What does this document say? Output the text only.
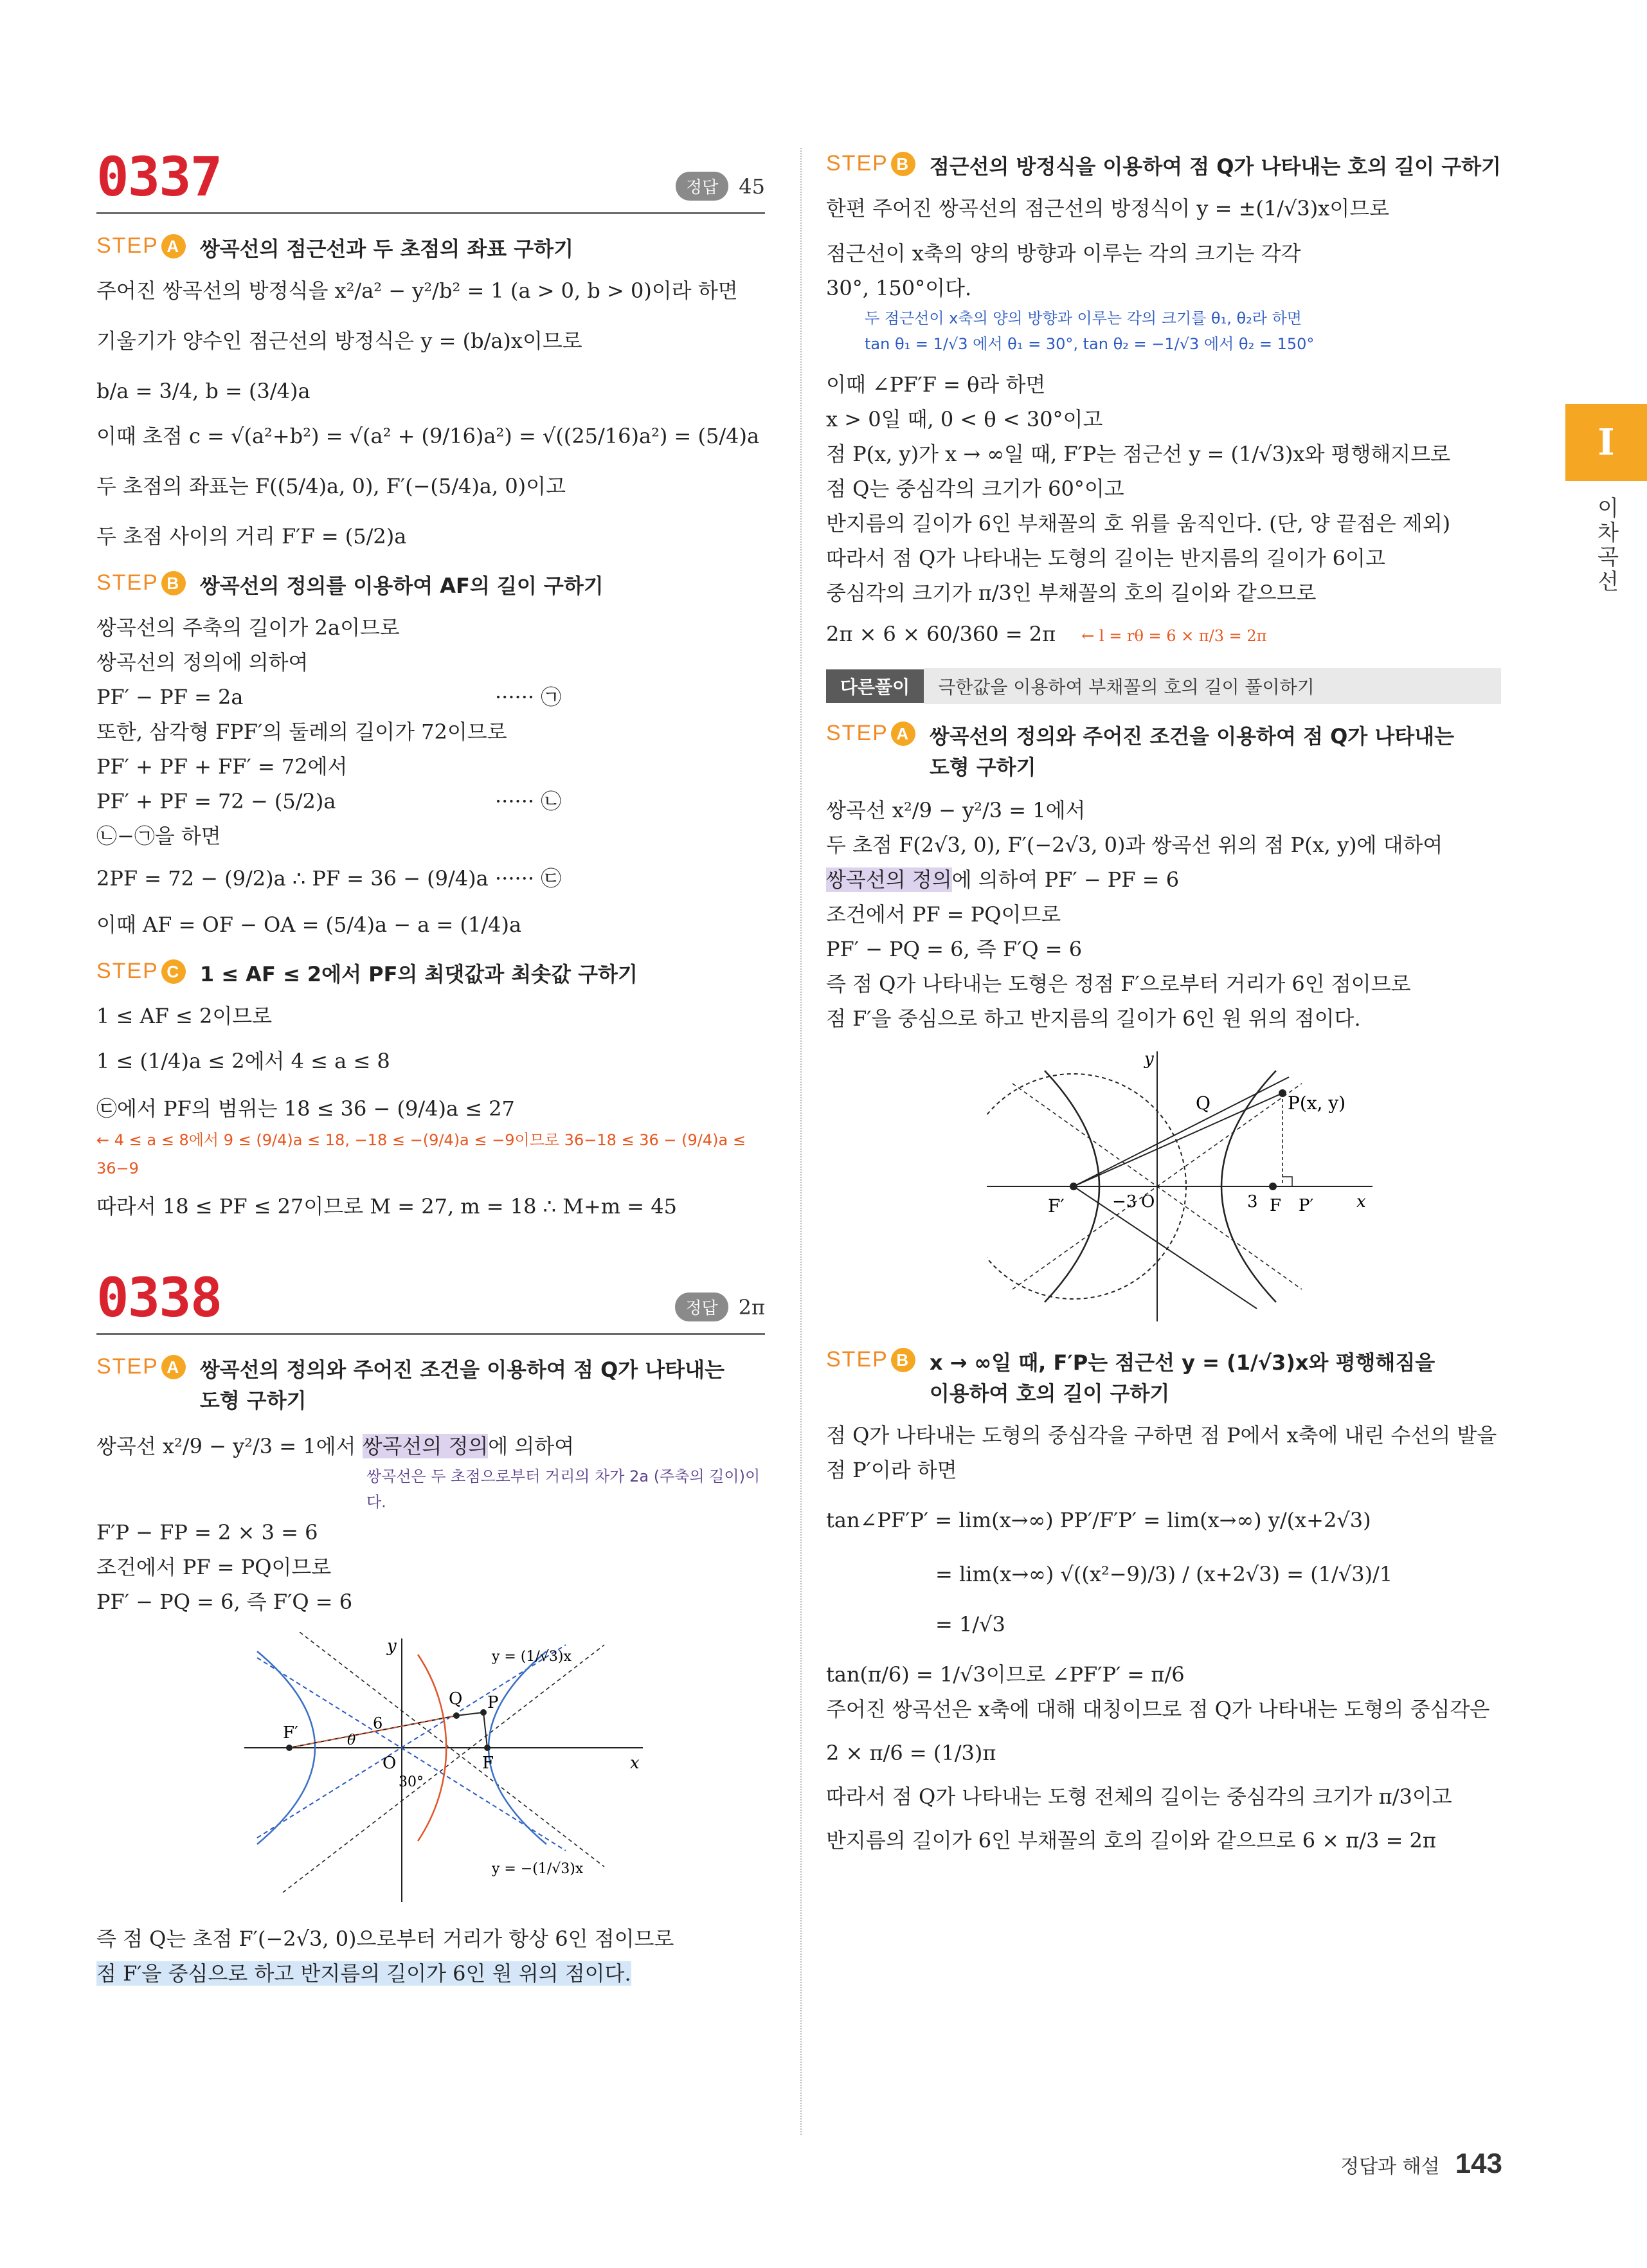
0337	정답	45
STEP A 쌍곡선의 점근선과 두 초점의 좌표 구하기
주어진 쌍곡선의 방정식을 x²/a² − y²/b² = 1 (a > 0, b > 0)이라 하면
기울기가 양수인 점근선의 방정식은 y = (b/a)x이므로
b/a = 3/4, b = (3/4)a
이때 초점 c = √(a²+b²) = √(a² + (9/16)a²) = √((25/16)a²) = (5/4)a
두 초점의 좌표는 F((5/4)a, 0), F′(−(5/4)a, 0)이고
두 초점 사이의 거리 F′F = (5/2)a
STEP B 쌍곡선의 정의를 이용하여 AF의 길이 구하기
쌍곡선의 주축의 길이가 2a이므로
쌍곡선의 정의에 의하여
PF′ − PF = 2a	······ ㉠
또한, 삼각형 FPF′의 둘레의 길이가 72이므로
PF′ + PF + FF′ = 72에서
PF′ + PF = 72 − (5/2)a	······ ㉡
㉡−㉠을 하면
2PF = 72 − (9/2)a ∴ PF = 36 − (9/4)a ······ ㉢
이때 AF = OF − OA = (5/4)a − a = (1/4)a
STEP C 1 ≤ AF ≤ 2에서 PF의 최댓값과 최솟값 구하기
1 ≤ AF ≤ 2이므로
1 ≤ (1/4)a ≤ 2에서 4 ≤ a ≤ 8
㉢에서 PF의 범위는 18 ≤ 36 − (9/4)a ≤ 27
← 4 ≤ a ≤ 8에서 9 ≤ (9/4)a ≤ 18, −18 ≤ −(9/4)a ≤ −9이므로 36−18 ≤ 36 − (9/4)a ≤ 36−9
따라서 18 ≤ PF ≤ 27이므로 M = 27, m = 18 ∴ M+m = 45
0338	정답	2π
STEP A 쌍곡선의 정의와 주어진 조건을 이용하여 점 Q가 나타내는 도형 구하기
쌍곡선 x²/9 − y²/3 = 1에서 쌍곡선의 정의에 의하여
쌍곡선은 두 초점으로부터 거리의 차가 2a (주축의 길이)이다.
F′P − FP = 2 × 3 = 6
조건에서 PF = PQ이므로
PF′ − PQ = 6, 즉 F′Q = 6
y = (1/√3)x
y = −(1/√3)x
F′
F
O
Q P
x
y
6
θ
30°
즉 점 Q는 초점 F′(−2√3, 0)으로부터 거리가 항상 6인 점이므로
점 F′을 중심으로 하고 반지름의 길이가 6인 원 위의 점이다.
STEP B 점근선의 방정식을 이용하여 점 Q가 나타내는 호의 길이 구하기
한편 주어진 쌍곡선의 점근선의 방정식이 y = ±(1/√3)x이므로
점근선이 x축의 양의 방향과 이루는 각의 크기는 각각
30°, 150°이다.
두 점근선이 x축의 양의 방향과 이루는 각의 크기를 θ₁, θ₂라 하면
tan θ₁ = 1/√3 에서 θ₁ = 30°, tan θ₂ = −1/√3 에서 θ₂ = 150°
이때 ∠PF′F = θ라 하면
x > 0일 때, 0 < θ < 30°이고
점 P(x, y)가 x → ∞일 때, F′P는 점근선 y = (1/√3)x와 평행해지므로
점 Q는 중심각의 크기가 60°이고
반지름의 길이가 6인 부채꼴의 호 위를 움직인다. (단, 양 끝점은 제외)
따라서 점 Q가 나타내는 도형의 길이는 반지름의 길이가 6이고
중심각의 크기가 π/3인 부채꼴의 호의 길이와 같으므로
2π × 6 × 60/360 = 2π ← l = rθ = 6 × π/3 = 2π
다른풀이	극한값을 이용하여 부채꼴의 호의 길이 풀이하기
STEP A 쌍곡선의 정의와 주어진 조건을 이용하여 점 Q가 나타내는 도형 구하기
쌍곡선 x²/9 − y²/3 = 1에서
두 초점 F(2√3, 0), F′(−2√3, 0)과 쌍곡선 위의 점 P(x, y)에 대하여
쌍곡선의 정의에 의하여 PF′ − PF = 6
조건에서 PF = PQ이므로
PF′ − PQ = 6, 즉 F′Q = 6
즉 점 Q가 나타내는 도형은 정점 F′으로부터 거리가 6인 점이므로
점 F′을 중심으로 하고 반지름의 길이가 6인 원 위의 점이다.
y
Q	P(x, y)
F′	−3 O	3 F P′	x
STEP B x → ∞일 때, F′P는 점근선 y = (1/√3)x와 평행해짐을 이용하여 호의 길이 구하기
점 Q가 나타내는 도형의 중심각을 구하면 점 P에서 x축에 내린 수선의 발을
점 P′이라 하면
tan∠PF′P′ = lim(x→∞) PP′/F′P′ = lim(x→∞) y/(x+2√3)
= lim(x→∞) √((x²−9)/3) / (x+2√3) = (1/√3)/1
= 1/√3
tan(π/6) = 1/√3이므로 ∠PF′P′ = π/6
주어진 쌍곡선은 x축에 대해 대칭이므로 점 Q가 나타내는 도형의 중심각은
2 × π/6 = (1/3)π
따라서 점 Q가 나타내는 도형 전체의 길이는 중심각의 크기가 π/3이고
반지름의 길이가 6인 부채꼴의 호의 길이와 같으므로 6 × π/3 = 2π
I
이차곡선
정답과 해설 143
